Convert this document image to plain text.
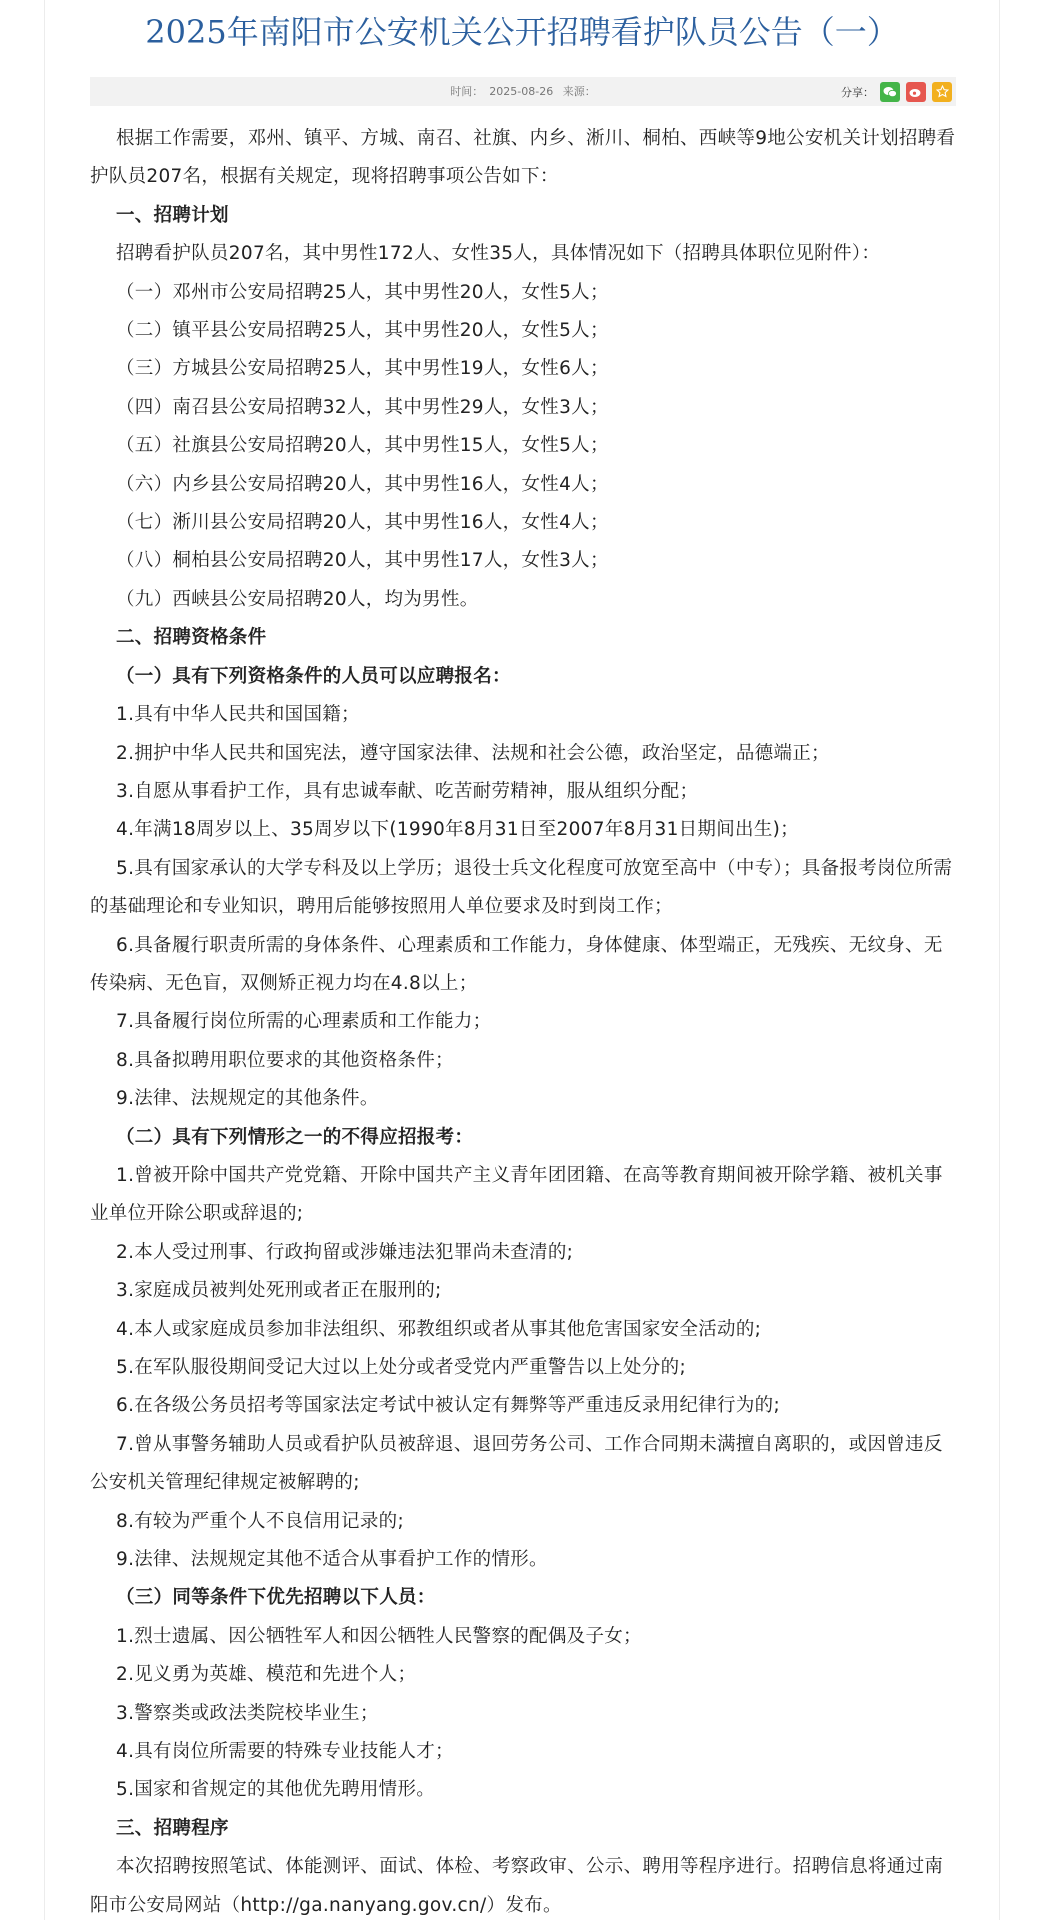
2025年南阳市公安机关公开招聘看护队员公告（一）
时间： 2025-08-26 来源：	分享：

根据工作需要，邓州、镇平、方城、南召、社旗、内乡、淅川、桐柏、西峡等9地公安机关计划招聘看护队员207名，根据有关规定，现将招聘事项公告如下：

一、招聘计划

招聘看护队员207名，其中男性172人、女性35人，具体情况如下（招聘具体职位见附件）：

（一）邓州市公安局招聘25人，其中男性20人，女性5人；

（二）镇平县公安局招聘25人，其中男性20人，女性5人；

（三）方城县公安局招聘25人，其中男性19人，女性6人；

（四）南召县公安局招聘32人，其中男性29人，女性3人；

（五）社旗县公安局招聘20人，其中男性15人，女性5人；

（六）内乡县公安局招聘20人，其中男性16人，女性4人；

（七）淅川县公安局招聘20人，其中男性16人，女性4人；

（八）桐柏县公安局招聘20人，其中男性17人，女性3人；

（九）西峡县公安局招聘20人，均为男性。

二、招聘资格条件

（一）具有下列资格条件的人员可以应聘报名：

1.具有中华人民共和国国籍；

2.拥护中华人民共和国宪法，遵守国家法律、法规和社会公德，政治坚定，品德端正；

3.自愿从事看护工作，具有忠诚奉献、吃苦耐劳精神，服从组织分配；

4.年满18周岁以上、35周岁以下(1990年8月31日至2007年8月31日期间出生)；

5.具有国家承认的大学专科及以上学历；退役士兵文化程度可放宽至高中（中专）；具备报考岗位所需的基础理论和专业知识，聘用后能够按照用人单位要求及时到岗工作；

6.具备履行职责所需的身体条件、心理素质和工作能力，身体健康、体型端正，无残疾、无纹身、无传染病、无色盲，双侧矫正视力均在4.8以上；

7.具备履行岗位所需的心理素质和工作能力；

8.具备拟聘用职位要求的其他资格条件；

9.法律、法规规定的其他条件。

（二）具有下列情形之一的不得应招报考：

1.曾被开除中国共产党党籍、开除中国共产主义青年团团籍、在高等教育期间被开除学籍、被机关事业单位开除公职或辞退的;

2.本人受过刑事、行政拘留或涉嫌违法犯罪尚未查清的;

3.家庭成员被判处死刑或者正在服刑的;

4.本人或家庭成员参加非法组织、邪教组织或者从事其他危害国家安全活动的;

5.在军队服役期间受记大过以上处分或者受党内严重警告以上处分的;

6.在各级公务员招考等国家法定考试中被认定有舞弊等严重违反录用纪律行为的;

7.曾从事警务辅助人员或看护队员被辞退、退回劳务公司、工作合同期未满擅自离职的，或因曾违反公安机关管理纪律规定被解聘的;

8.有较为严重个人不良信用记录的;

9.法律、法规规定其他不适合从事看护工作的情形。

（三）同等条件下优先招聘以下人员：

1.烈士遗属、因公牺牲军人和因公牺牲人民警察的配偶及子女；

2.见义勇为英雄、模范和先进个人；

3.警察类或政法类院校毕业生；

4.具有岗位所需要的特殊专业技能人才；

5.国家和省规定的其他优先聘用情形。

三、招聘程序

本次招聘按照笔试、体能测评、面试、体检、考察政审、公示、聘用等程序进行。招聘信息将通过南阳市公安局网站（http://ga.nanyang.gov.cn/）发布。
